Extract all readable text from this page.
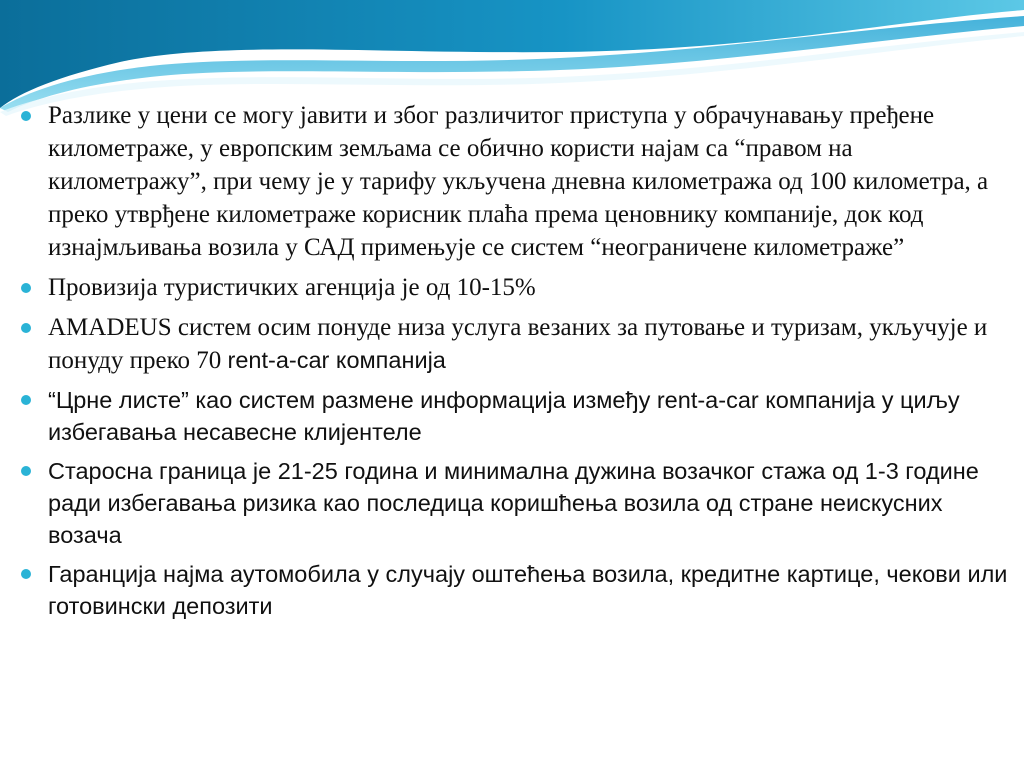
Разлике у цени се могу јавити и због различитог приступа у обрачунавању пређене километраже, у европским земљама се обично користи најам са “правом на километражу”, при чему је у тарифу укључена дневна километража од 100 километра, а преко утврђене километраже корисник плаћа према ценовнику компаније, док код изнајмљивања возила у САД примењује се систем “неограничене километраже”
Провизија туристичких агенција је од 10-15%
AMADEUS систем осим понуде низа услуга везаних за путовање и туризам, укључује и понуду преко 70 rent-a-car компанија
“Црне листе” као систем размене информација између rent-a-car компанија у циљу избегавања несавесне клијентеле
Старосна граница је 21-25 година и минимална дужина возачког стажа од 1-3 године ради избегавања ризика као последица коришћења возила од стране неискусних возача
Гаранција најма аутомобила у случају оштећења возила, кредитне картице, чекови или готовински депозити
